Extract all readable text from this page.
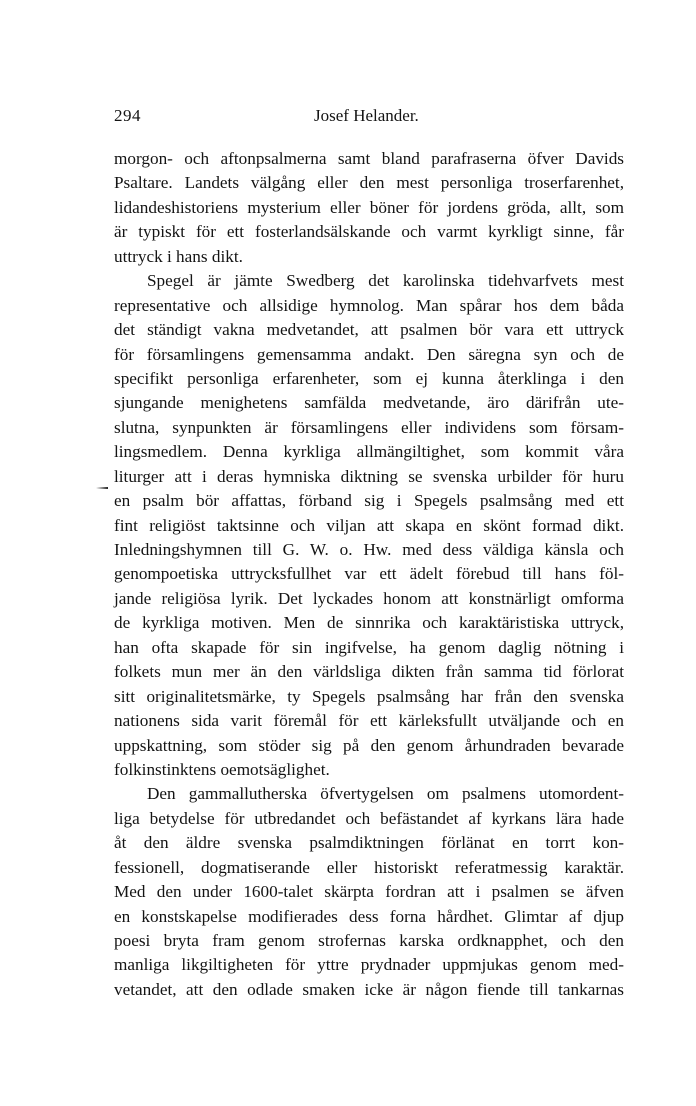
294	Josef Helander.
morgon- och aftonpsalmerna samt bland parafraserna öfver Davids
Psaltare. Landets välgång eller den mest personliga troserfarenhet,
lidandeshistoriens mysterium eller böner för jordens gröda, allt, som
är typiskt för ett fosterlandsälskande och varmt kyrkligt sinne, får
uttryck i hans dikt.
Spegel är jämte Swedberg det karolinska tidehvarfvets mest
representative och allsidige hymnolog. Man spårar hos dem båda
det ständigt vakna medvetandet, att psalmen bör vara ett uttryck
för församlingens gemensamma andakt. Den säregna syn och de
specifikt personliga erfarenheter, som ej kunna återklinga i den
sjungande menighetens samfälda medvetande, äro därifrån ute-
slutna, synpunkten är församlingens eller individens som försam-
lingsmedlem. Denna kyrkliga allmängiltighet, som kommit våra
liturger att i deras hymniska diktning se svenska urbilder för huru
en psalm bör affattas, förband sig i Spegels psalmsång med ett
fint religiöst taktsinne och viljan att skapa en skönt formad dikt.
Inledningshymnen till G. W. o. Hw. med dess väldiga känsla och
genompoetiska uttrycksfullhet var ett ädelt förebud till hans föl-
jande religiösa lyrik. Det lyckades honom att konstnärligt omforma
de kyrkliga motiven. Men de sinnrika och karaktäristiska uttryck,
han ofta skapade för sin ingifvelse, ha genom daglig nötning i
folkets mun mer än den världsliga dikten från samma tid förlorat
sitt originalitetsmärke, ty Spegels psalmsång har från den svenska
nationens sida varit föremål för ett kärleksfullt utväljande och en
uppskattning, som stöder sig på den genom århundraden bevarade
folkinstinktens oemotsäglighet.
Den gammallutherska öfvertygelsen om psalmens utomordent-
liga betydelse för utbredandet och befästandet af kyrkans lära hade
åt den äldre svenska psalmdiktningen förlänat en torrt kon-
fessionell, dogmatiserande eller historiskt referatmessig karaktär.
Med den under 1600-talet skärpta fordran att i psalmen se äfven
en konstskapelse modifierades dess forna hårdhet. Glimtar af djup
poesi bryta fram genom strofernas karska ordknapphet, och den
manliga likgiltigheten för yttre prydnader uppmjukas genom med-
vetandet, att den odlade smaken icke är någon fiende till tankarnas
